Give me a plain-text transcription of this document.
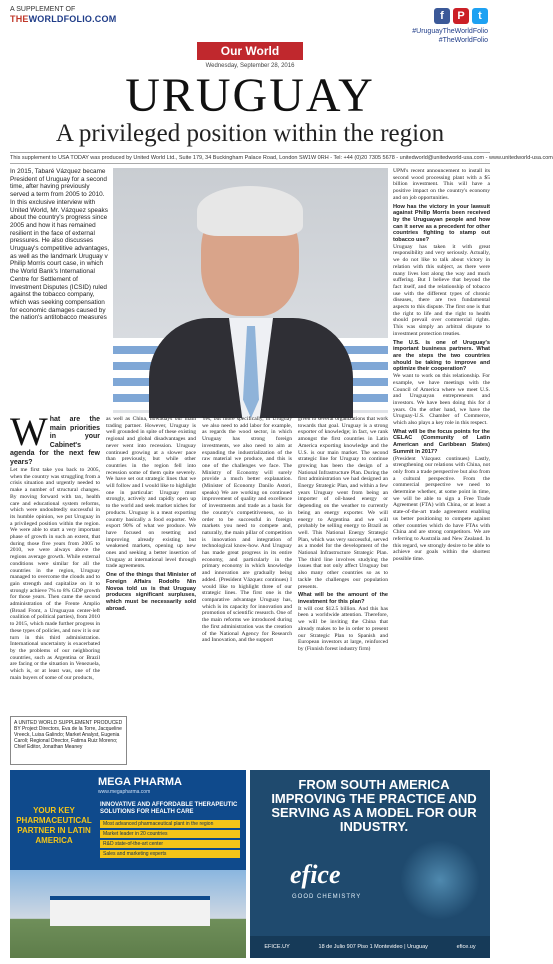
A SUPPLEMENT OF
THEWORLDFOLIO.COM	f	P	t
#UruguayTheWorldFolio
#TheWorldFolio
Our World
Wednesday, September 28, 2016
URUGUAY
A privileged position within the region
This supplement to USA TODAY was produced by United World Ltd., Suite 179, 34 Buckingham Palace Road, London SW1W 0RH - Tel: +44 (0)20 7305 5678 - unitedworld@unitedworld-usa.com - www.unitedworld-usa.com
In 2015, Tabaré Vázquez became President of Uruguay for a second time, after having previously served a term from 2005 to 2010. In this exclusive interview with United World, Mr. Vázquez speaks about the country's progress since 2005 and how it has remained resilient in the face of external pressures. He also discusses Uruguay's competitive advantages, as well as the landmark Uruguay v Philip Morris court case, in which the World Bank's International Centre for Settlement of Investment Disputes (ICSID) ruled against the tobacco company, which was seeking compensation for economic damages caused by the nation's antitobacco measures

UPM's recent announcement to install its second wood processing plant with a $5 billion investment. This will have a positive impact on the country's economy and on job opportunities.

How has the victory in your lawsuit against Philip Morris been received by the Uruguayan people and how can it serve as a precedent for other countries fighting to stamp out tobacco use?

Uruguay has taken it with great responsibility and very seriously. Actually, we do not like to talk about victory in relation with this subject, as there were many lives lost along the way and much suffering. But I believe that beyond the fact itself, and the relationship of tobacco use with the different types of chronic diseases, there are two fundamental aspects to this dispute. The first one is that the right to life and the right to health should prevail over commercial rights. This was simply an arbitral dispute to investment protection treaties.

The U.S. is one of Uruguay's important business partners. What are the steps the two countries should be taking to improve and optimize their cooperation?

We want to work on this relationship. For example, we have meetings with the Council of America where we meet U.S. and Uruguayan entrepreneurs and investors. We have been doing this for 4 years. On the other hand, we have the Uruguay-U.S. Chamber of Commerce, which also plays a key role in this respect.

What will be the focus points for the CELAC (Community of Latin American and Caribbean States) Summit in 2017?

(President Vázquez continues) Lastly, strengthening our relations with China, not only from a trade perspective but also from a cultural perspective. From the commercial perspective we need to determine whether, at some point in time, we will be able to sign a Free Trade Agreement (FTA) with China, or at least a state-of-the-art trade agreement enabling us better positioning to compete against other countries which do have FTAs with China and are strong competitors. We are referring to Australia and New Zealand. In this regard, we strongly desire to be able to achieve our goals within the shortest possible time.

W hat are the main priorities in your Cabinet's agenda for the next few years?

Let me first take you back to 2005, when the country was struggling from a crisis situation and urgently needed to make a number of structural changes. By moving forward with tax, health care and educational system reforms, which were undoubtedly successful in its humble opinion, we put Uruguay in a privileged position within the region. We were able to start a very important phase of growth in such an extent, that during those five years from 2005 to 2010, we were always above the regions average growth. While external conditions were similar for all the countries in the region, Uruguay managed to overcome the clouds and to gain strength and capitalize on it to strongly achieve 7% to 8% GDP growth for those years. Then came the second administration of the Frente Amplio (Broad Front, a Uruguayan center-left coalition of political parties), from 2010 to 2015, which made further progress in these types of policies, and now it is our turn in this third administration. International uncertainty is exacerbated by the problems of our neighboring countries, such as Argentina or Brazil are facing or the situation in Venezuela, which is, or at least was, one of the main buyers of some of our products,

as well as China, nowadays our main trading partner. However, Uruguay is well grounded in spite of these existing regional and global disadvantages and never went into recession. Uruguay continued growing at a slower pace than previously, but while other countries in the region fell into recession some of them quite severely. We have set out strategic lines that we will follow and I would like to highlight one in particular: Uruguay must strongly, actively and rapidly open up to the world and seek market niches for products. Uruguay is a meat exporting country basically a food exporter. We export 90% of what we produce. We have focused on resetting and improving already existing but weakened markets, opening up new ones and seeking a better insertion of Uruguay at international level through trade agreements.

One of the things that Minister of Foreign Affairs Rodolfo Nin Novoa told us is that Uruguay produces significant surpluses, which must be necessarily sold abroad.

Yes, but more specifically, in Uruguay we also need to add labor for example, as regards the wood sector, in which Uruguay has strong foreign investments, we also need to aim at expanding the industrialization of the raw material we produce, and this is one of the challenges we face. The Ministry of Economy will surely provide a much better explanation. (Minister of Economy Danilo Astori, speaks) We are working on continued improvement of quality and excellence of investments and trade as a basis for the country's competitiveness, so in order to be successful in foreign markets you need to compete and, naturally, the main pillar of competition is innovation and integration of technological know-how. And Uruguay has made great progress in its entire economy, and particularly in the primary economy in which knowledge and innovation are gradually being added. (President Vázquez continues) I would like to highlight three of our strategic lines. The first one is the comparative advantage Uruguay has, which is its capacity for innovation and promotion of scientific research. One of the main reforms we introduced during the first administration was the creation of the National Agency for Research and Innovation, and the support

given to several organizations that work towards that goal. Uruguay is a strong exporter of knowledge; in fact, we rank amongst the first countries in Latin America exporting knowledge and the U.S. is our main market. The second strategic line for Uruguay to continue growing has been the design of a National Infrastructure Plan. During the first administration we had designed an Energy Strategic Plan, and within a few years Uruguay went from being an importer of oil-based energy or depending on the weather to currently being an energy exporter. We will energy to Argentina and we will probably be selling energy to Brazil as well. This National Energy Strategic Plan, which was very successful, served as a model for the development of the National Infrastructure Strategic Plan. The third line involves studying the issues that not only affect Uruguay but also many other countries so as to tackle the challenges our population presents.

What will be the amount of the investment for this plan?

It will cost $12.5 billion. And this has been a worldwide attention. Therefore, we will be inviting the China that already makes to be in order to present our Strategic Plan to Spanish and European investors at large, reinforced by (Finnish forest industry firm)

A UNITED WORLD SUPPLEMENT PRODUCED BY Project Directors, Eva de la Torre, Jacqueline Vreeck, Luisa Galindo; Market Analyst, Eugenia Caroli; Regional Director, Fatima Ruiz Moreno; Chief Editor, Jonathan Meaney
MEGA PHARMA
www.megapharma.com
YOUR KEY PHARMACEUTICAL PARTNER IN LATIN AMERICA
INNOVATIVE AND AFFORDABLE THERAPEUTIC SOLUTIONS FOR HEALTH CARE
Most advanced pharmaceutical plant in the region
Market leader in 20 countries
R&D state-of-the-art center
Sales and marketing experts
FROM SOUTH AMERICA IMPROVING THE PRACTICE AND SERVING AS A MODEL FOR OUR INDUSTRY.
efice
GOOD CHEMISTRY
EFICE.UY	18 de Julio 907 Piso 1 Montevideo | Uruguay	efice.uy
